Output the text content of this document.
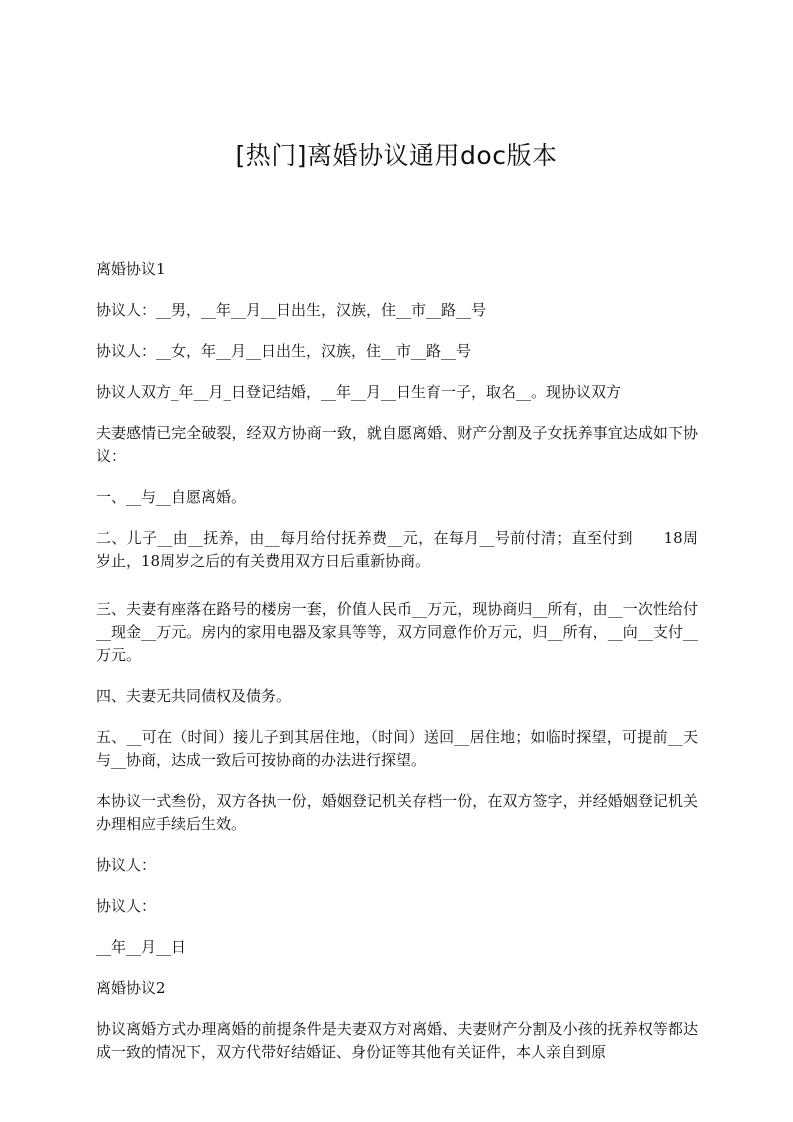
[热门]离婚协议通用doc版本

离婚协议1

协议人：__男，__年__月__日出生，汉族，住__市__路__号

协议人：__女，年__月__日出生，汉族，住__市__路__号

协议人双方_年__月_日登记结婚，__年__月__日生育一子，取名__。现协议双方

夫妻感情已完全破裂，经双方协商一致，就自愿离婚、财产分割及子女抚养事宜达成如下协议：

一、__与__自愿离婚。

二、儿子__由__抚养，由__每月给付抚养费__元，在每月__号前付清；直至付到　　18周岁止，18周岁之后的有关费用双方日后重新协商。

三、夫妻有座落在路号的楼房一套，价值人民币__万元，现协商归__所有，由__一次性给付__现金__万元。房内的家用电器及家具等等，双方同意作价万元，归__所有，__向__支付__万元。

四、夫妻无共同债权及债务。

五、__可在（时间）接儿子到其居住地，（时间）送回__居住地；如临时探望，可提前__天与__协商，达成一致后可按协商的办法进行探望。

本协议一式叁份，双方各执一份，婚姻登记机关存档一份，在双方签字，并经婚姻登记机关办理相应手续后生效。

协议人：

协议人：

__年__月__日

离婚协议2

协议离婚方式办理离婚的前提条件是夫妻双方对离婚、夫妻财产分割及小孩的抚养权等都达成一致的情况下，双方代带好结婚证、身份证等其他有关证件，本人亲自到原
